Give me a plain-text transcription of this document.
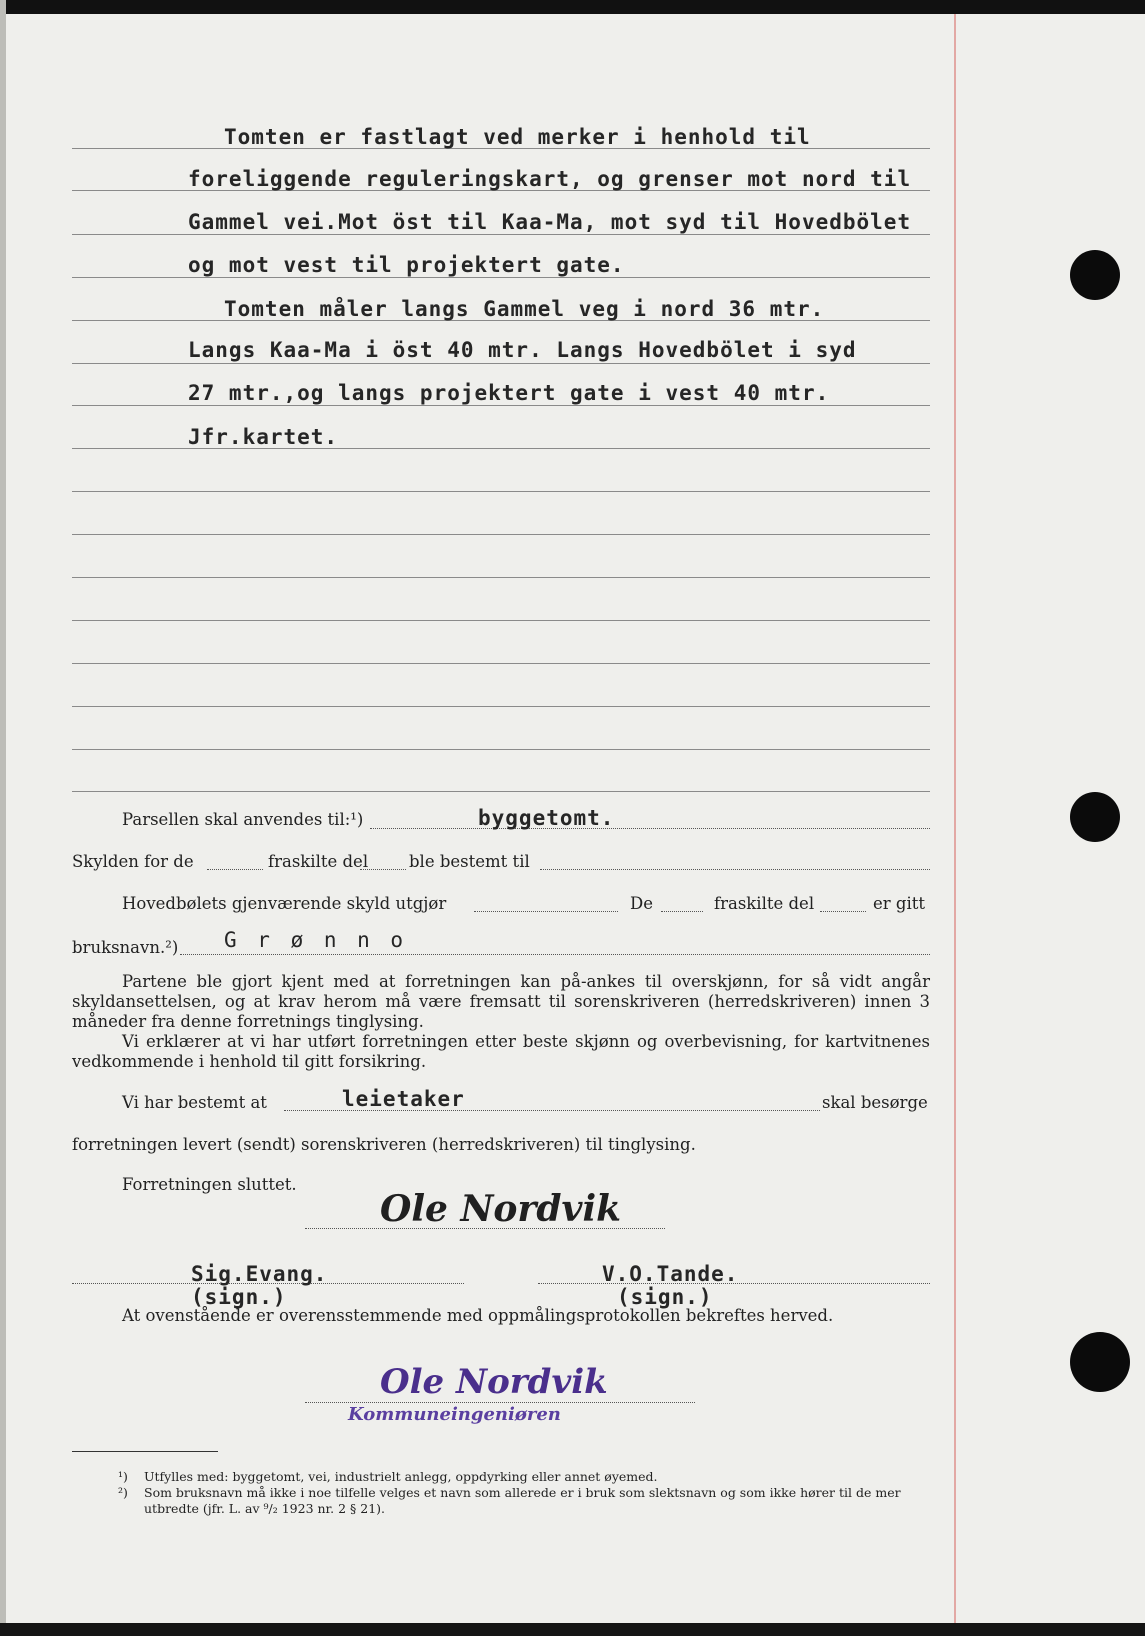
Tomten er fastlagt ved merker i henhold til
foreliggende reguleringskart, og grenser mot nord til
Gammel vei.Mot öst til Kaa-Ma, mot syd til Hovedbölet
og mot vest til projektert gate.
Tomten måler langs Gammel veg i nord 36 mtr.
Langs Kaa-Ma i öst 40 mtr. Langs Hovedbölet i syd
27 mtr.,og langs projektert gate i vest 40 mtr.
Jfr.kartet.
Parsellen skal anvendes til:¹)	byggetomt.
Skylden for de	fraskilte del ble bestemt til
Hovedbølets gjenværende skyld utgjør	De	fraskilte del	er gitt
bruksnavn.²) G r ø n n o

Partene ble gjort kjent med at forretningen kan på-ankes til overskjønn, for så vidt angår skyldansettelsen, og at krav herom må være fremsatt til sorenskriveren (herredskriveren) innen 3 måneder fra denne forretnings tinglysing.

Vi erklærer at vi har utført forretningen etter beste skjønn og overbevisning, for kartvitnenes vedkommende i henhold til gitt forsikring.

Vi har bestemt at	leietaker	skal besørge
forretningen levert (sendt) sorenskriveren (herredskriveren) til tinglysing.
Forretningen sluttet.
Ole Nordvik
Sig.Evang.
(sign.)
V.O.Tande.
(sign.)
At ovenstående er overensstemmende med oppmålingsprotokollen bekreftes herved.
Ole Nordvik
Kommuneingeniøren
¹)	Utfylles med: byggetomt, vei, industrielt anlegg, oppdyrking eller annet øyemed.
²)	Som bruksnavn må ikke i noe tilfelle velges et navn som allerede er i bruk som slektsnavn og som ikke hører til de mer utbredte (jfr. L. av ⁹/₂ 1923 nr. 2 § 21).
